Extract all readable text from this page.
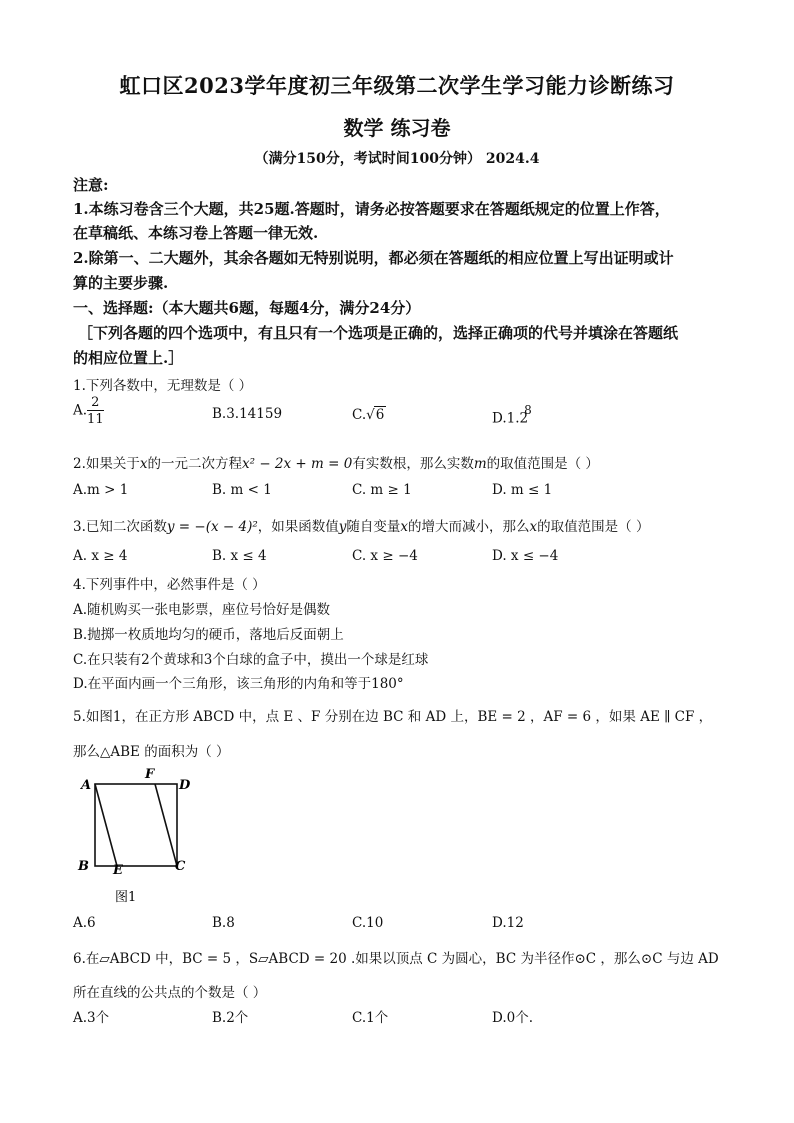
虹口区2023学年度初三年级第二次学生学习能力诊断练习
数学 练习卷
（满分150分，考试时间100分钟） 2024.4
注意:
1.本练习卷含三个大题，共25题.答题时，请务必按答题要求在答题纸规定的位置上作答，
在草稿纸、本练习卷上答题一律无效.
2.除第一、二大题外，其余各题如无特别说明，都必须在答题纸的相应位置上写出证明或计
算的主要步骤.
一、选择题:（本大题共6题，每题4分，满分24分）
［下列各题的四个选项中，有且只有一个选项是正确的，选择正确项的代号并填涂在答题纸
的相应位置上.］
1.下列各数中，无理数是（ ）
A. $\frac{2}{11}$	B.3.14159	C.√6	D.1.2$^8$
2.如果关于x的一元二次方程x² − 2x + m = 0有实数根，那么实数m的取值范围是（ ）
A.m > 1	B. m < 1	C. m ≥ 1	D. m ≤ 1
3.已知二次函数y = −(x − 4)²，如果函数值y随自变量x的增大而减小，那么x的取值范围是（ ）
A. x ≥ 4	B. x ≤ 4	C. x ≥ −4	D. x ≤ −4
4.下列事件中，必然事件是（ ）
A.随机购买一张电影票，座位号恰好是偶数
B.抛掷一枚质地均匀的硬币，落地后反面朝上
C.在只装有2个黄球和3个白球的盒子中，摸出一个球是红球
D.在平面内画一个三角形，该三角形的内角和等于180°
5.如图1，在正方形 ABCD 中，点 E 、F 分别在边 BC 和 AD 上，BE = 2 ，AF = 6 ，如果 AE ∥ CF ，
那么△ABE 的面积为（ ）
A
F
D
B E	C
图1
A.6	B.8	C.10	D.12
6.在▱ABCD 中，BC = 5 ，S▱ABCD = 20 .如果以顶点 C 为圆心，BC 为半径作⊙C ，那么⊙C 与边 AD
所在直线的公共点的个数是（ ）
A.3个	B.2个	C.1个	D.0个.
